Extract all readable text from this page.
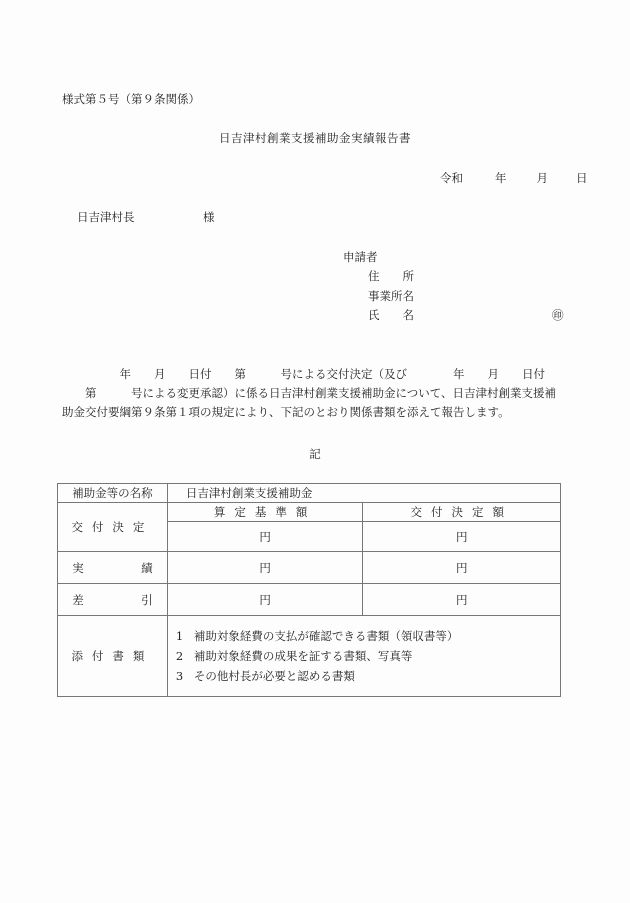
様式第５号（第９条関係）
日吉津村創業支援補助金実績報告書
令和	年	月 日
日吉津村長	様
申請者
住　　所
事業所名
氏　　名	㊞
　　　　　年　　月　　日付　　第　　　号による交付決定（及び　　　　年　　月　　日付
　　第　　　号による変更承認）に係る日吉津村創業支援補助金について、日吉津村創業支援補
助金交付要綱第９条第１項の規定により、下記のとおり関係書類を添えて報告します。
記
補助金等の名称	日吉津村創業支援補助金	
交付決定	算定基準額	交付決定額
	円	円
実　　　　　績	円	円
差　　　　　引	円	円
添付書類	1 補助対象経費の支払が確認できる書類（領収書等）
2 補助対象経費の成果を証する書類、写真等
3 その他村長が必要と認める書類	
